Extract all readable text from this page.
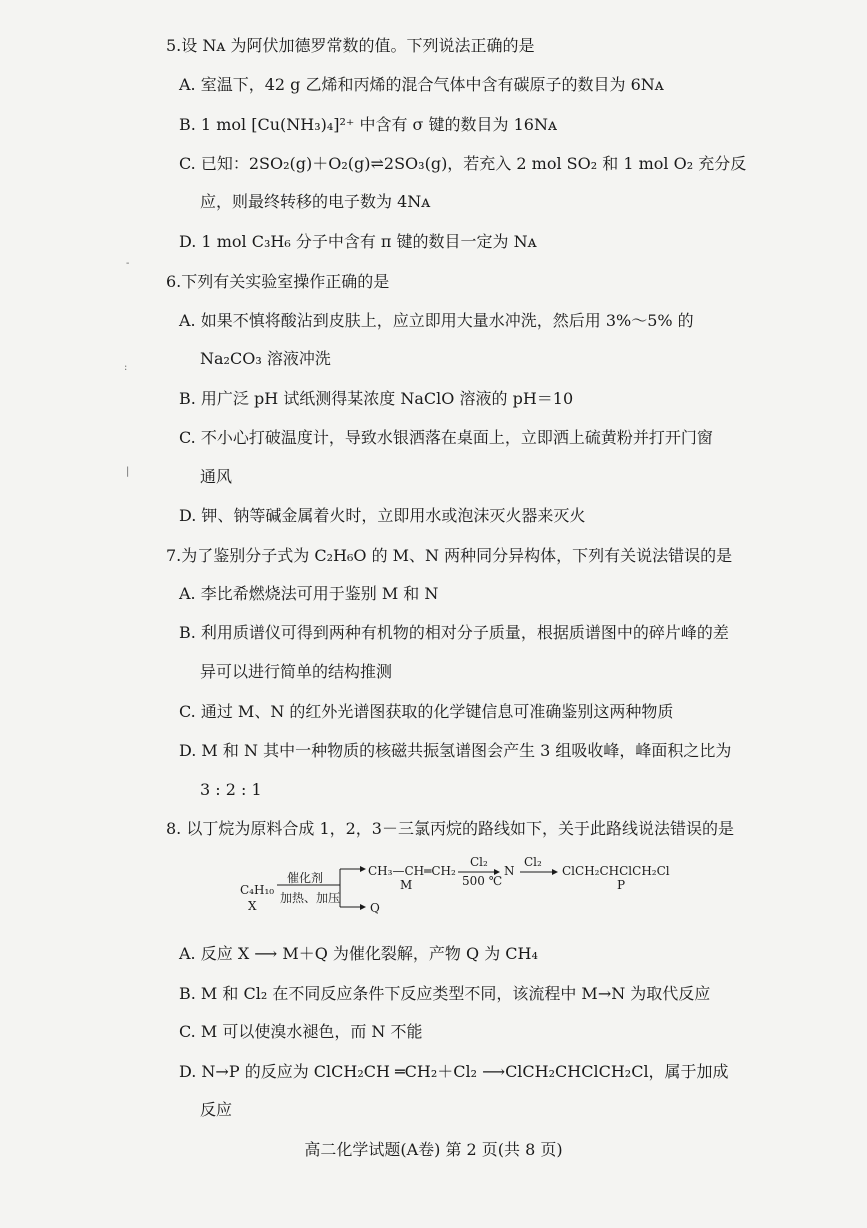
5.设 Nᴀ 为阿伏加德罗常数的值。下列说法正确的是
A. 室温下，42 g 乙烯和丙烯的混合气体中含有碳原子的数目为 6Nᴀ
B. 1 mol [Cu(NH₃)₄]²⁺ 中含有 σ 键的数目为 16Nᴀ
C. 已知：2SO₂(g)＋O₂(g)⇌2SO₃(g)，若充入 2 mol SO₂ 和 1 mol O₂ 充分反
应，则最终转移的电子数为 4Nᴀ
D. 1 mol C₃H₆ 分子中含有 π 键的数目一定为 Nᴀ
6.下列有关实验室操作正确的是
A. 如果不慎将酸沾到皮肤上，应立即用大量水冲洗，然后用 3%～5% 的
Na₂CO₃ 溶液冲洗
B. 用广泛 pH 试纸测得某浓度 NaClO 溶液的 pH＝10
C. 不小心打破温度计，导致水银洒落在桌面上，立即洒上硫黄粉并打开门窗
通风
D. 钾、钠等碱金属着火时，立即用水或泡沫灭火器来灭火
7.为了鉴别分子式为 C₂H₆O 的 M、N 两种同分异构体，下列有关说法错误的是
A. 李比希燃烧法可用于鉴别 M 和 N
B. 利用质谱仪可得到两种有机物的相对分子质量，根据质谱图中的碎片峰的差
异可以进行简单的结构推测
C. 通过 M、N 的红外光谱图获取的化学键信息可准确鉴别这两种物质
D. M 和 N 其中一种物质的核磁共振氢谱图会产生 3 组吸收峰，峰面积之比为
3 : 2 : 1
8. 以丁烷为原料合成 1，2，3－三氯丙烷的路线如下，关于此路线说法错误的是
C₄H₁₀
X
催化剂
加热、加压
CH₃—CH═CH₂
M
Cl₂
500 ℃
N
Cl₂
ClCH₂CHClCH₂Cl
P
Q
A. 反应 X ⟶ M＋Q 为催化裂解，产物 Q 为 CH₄
B. M 和 Cl₂ 在不同反应条件下反应类型不同，该流程中 M→N 为取代反应
C. M 可以使溴水褪色，而 N 不能
D. N→P 的反应为 ClCH₂CH ═CH₂＋Cl₂ ⟶ClCH₂CHClCH₂Cl，属于加成
反应
高二化学试题(A卷) 第 2 页(共 8 页)
-
:
|
